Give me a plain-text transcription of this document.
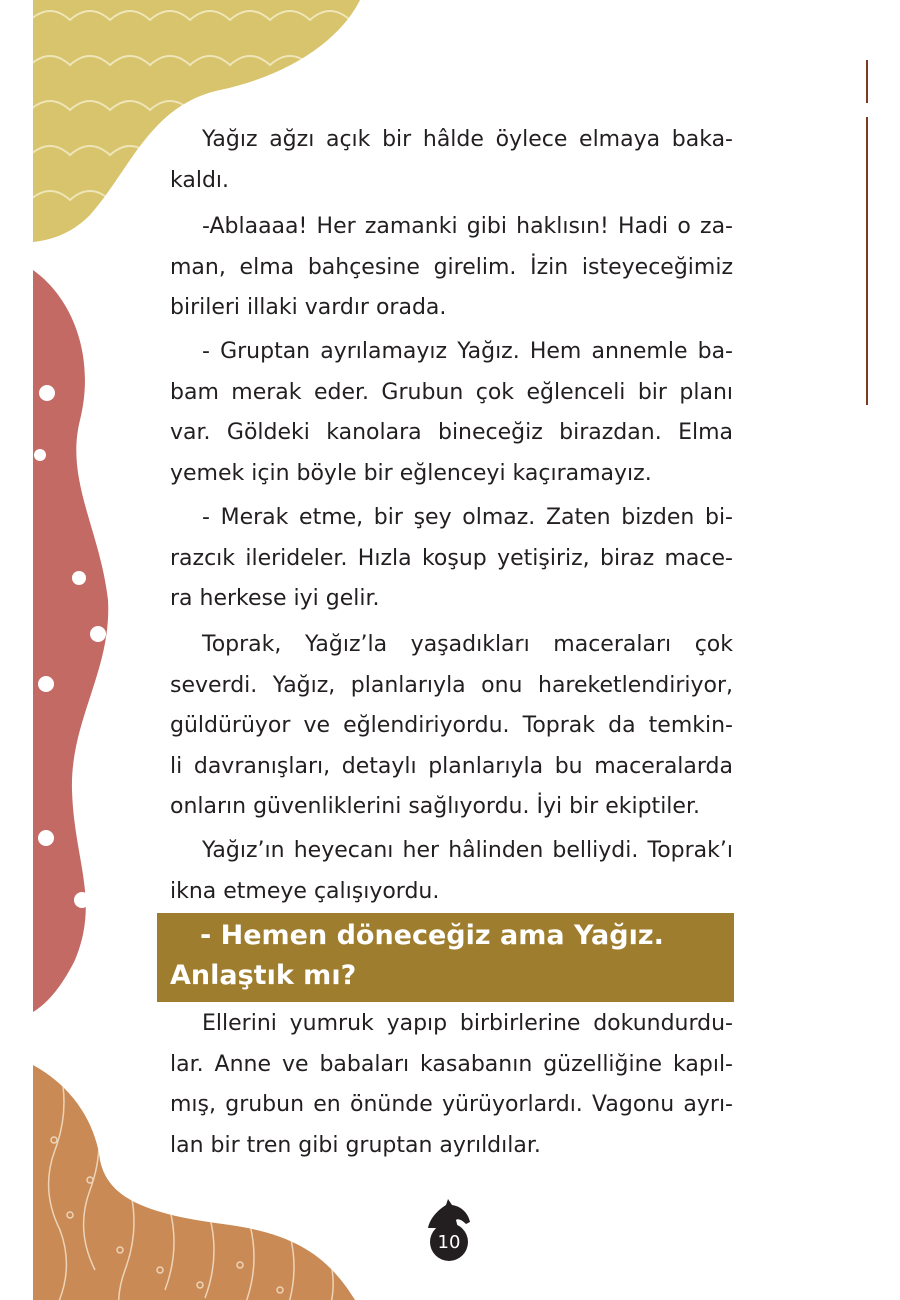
Yağız ağzı açık bir hâlde öylece elmaya baka-
kaldı.

-Ablaaaa! Her zamanki gibi haklısın! Hadi o za-
man, elma bahçesine girelim. İzin isteyeceğimiz
birileri illaki vardır orada.

- Gruptan ayrılamayız Yağız. Hem annemle ba-
bam merak eder. Grubun çok eğlenceli bir planı
var. Göldeki kanolara bineceğiz birazdan. Elma
yemek için böyle bir eğlenceyi kaçıramayız.

- Merak etme, bir şey olmaz. Zaten bizden bi-
razcık ilerideler. Hızla koşup yetişiriz, biraz mace-
ra herkese iyi gelir.

Toprak, Yağız’la yaşadıkları maceraları çok
severdi. Yağız, planlarıyla onu hareketlendiriyor,
güldürüyor ve eğlendiriyordu. Toprak da temkin-
li davranışları, detaylı planlarıyla bu maceralarda
onların güvenliklerini sağlıyordu. İyi bir ekiptiler.

Yağız’ın heyecanı her hâlinden belliydi. Toprak’ı
ikna etmeye çalışıyordu.

- Hemen döneceğiz ama Yağız.
Anlaştık mı?

Ellerini yumruk yapıp birbirlerine dokundurdu-
lar. Anne ve babaları kasabanın güzelliğine kapıl-
mış, grubun en önünde yürüyorlardı. Vagonu ayrı-
lan bir tren gibi gruptan ayrıldılar.

10
